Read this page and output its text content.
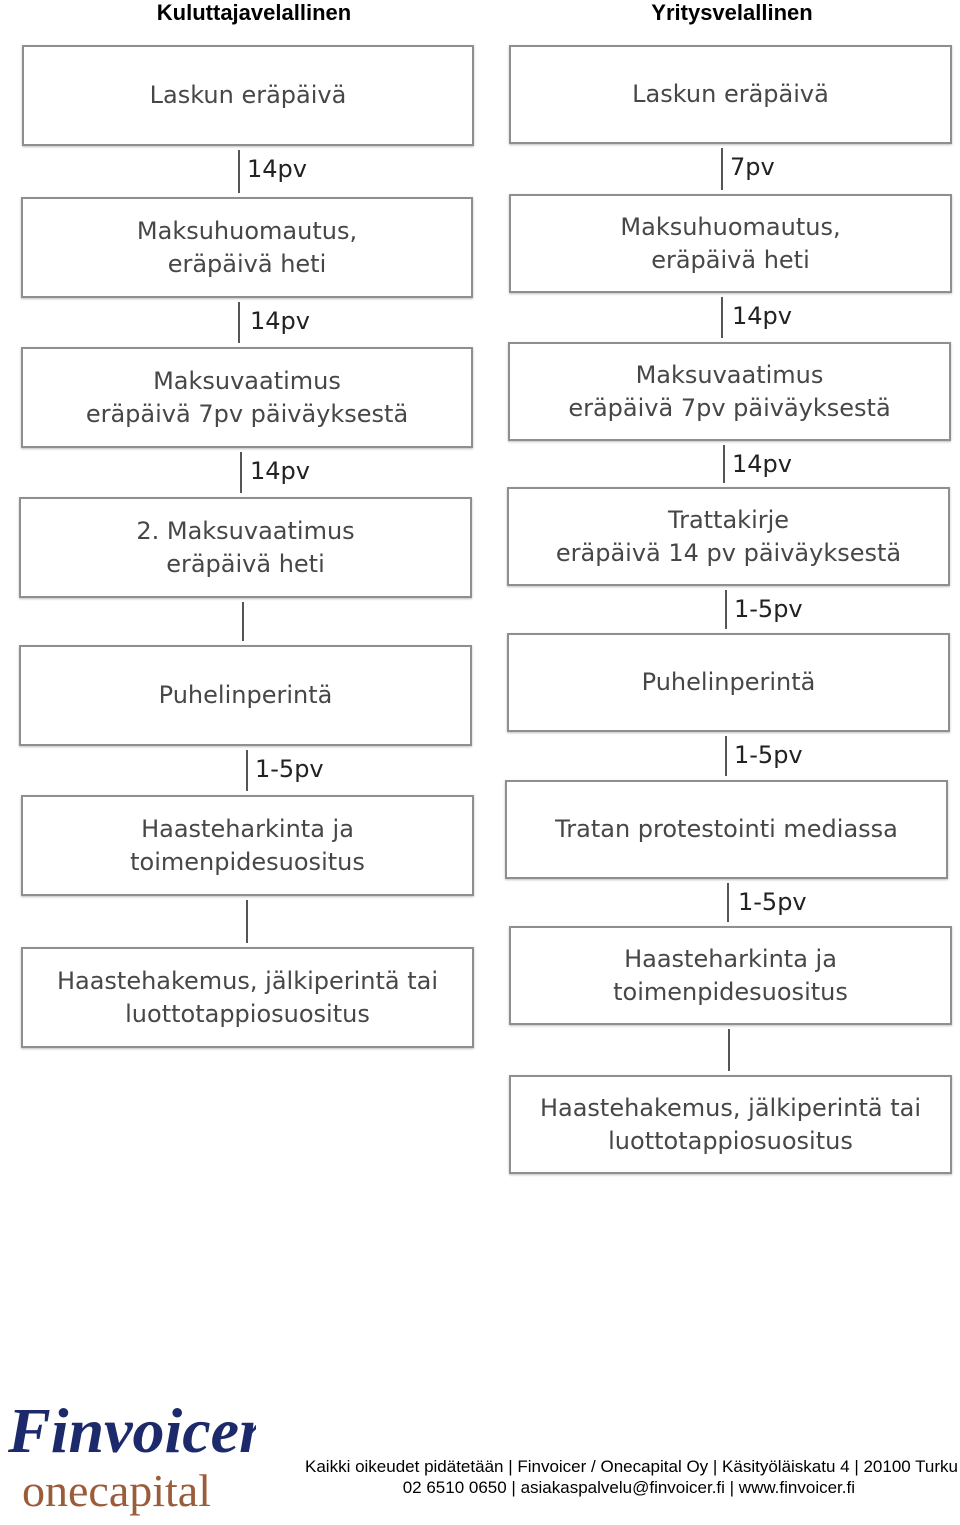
Kuluttajavelallinen	Yritysvelallinen
Laskun eräpäivä
14pv
Maksuhuomautus,
eräpäivä heti
14pv
Maksuvaatimus
eräpäivä 7pv päiväyksestä
14pv
2. Maksuvaatimus
eräpäivä heti
Puhelinperintä
1-5pv
Haasteharkinta ja
toimenpidesuositus
Haastehakemus, jälkiperintä tai
luottotappiosuositus
Laskun eräpäivä
7pv
Maksuhuomautus,
eräpäivä heti
14pv
Maksuvaatimus
eräpäivä 7pv päiväyksestä
14pv
Trattakirje
eräpäivä 14 pv päiväyksestä
1-5pv
Puhelinperintä
1-5pv
Tratan protestointi mediassa
1-5pv
Haasteharkinta ja
toimenpidesuositus
Haastehakemus, jälkiperintä tai
luottotappiosuositus
Finvoicer
onecapital	Kaikki oikeudet pidätetään | Finvoicer / Onecapital Oy | Käsityöläiskatu 4 | 20100 Turku
02 6510 0650 | asiakaspalvelu@finvoicer.fi | www.finvoicer.fi
